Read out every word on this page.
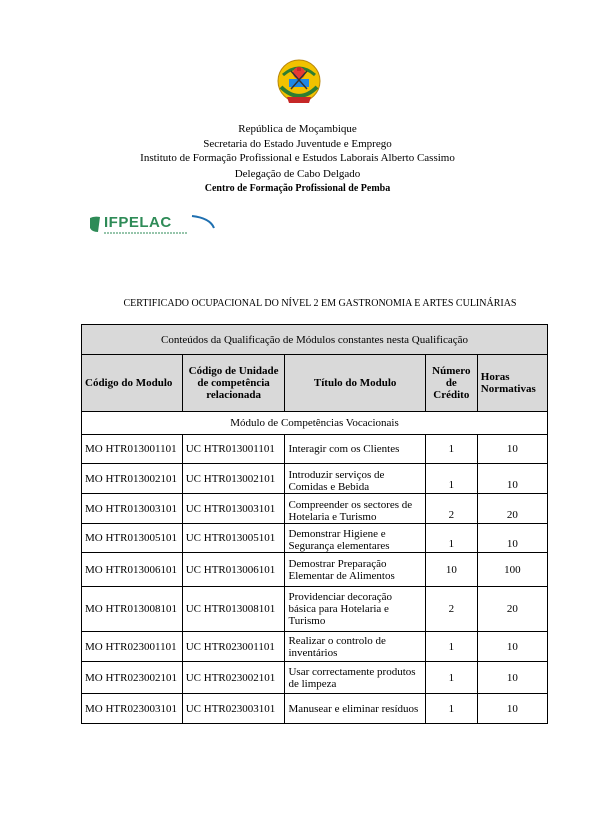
República de Moçambique
Secretaria do Estado Juventude e Emprego
Instituto de Formação Profissional e Estudos Laborais Alberto Cassimo
Delegação de Cabo Delgado
Centro de Formação Profissional de Pemba
IFPELAC
CERTIFICADO OCUPACIONAL DO NÍVEL 2 EM GASTRONOMIA E ARTES CULINÁRIAS
Conteúdos da Qualificação de Módulos constantes nesta Qualificação				
Código do Modulo	Código de Unidade de competência relacionada	Título do Modulo	Número de Crédito	Horas Normativas
Módulo de Competências Vocacionais				
MO HTR013001101	UC HTR013001101	Interagir com os Clientes	1	10
MO HTR013002101	UC HTR013002101	Introduzir serviços de Comidas e Bebida	1	10
MO HTR013003101	UC HTR013003101	Compreender os sectores de Hotelaria e Turismo	2	20
MO HTR013005101	UC HTR013005101	Demonstrar Higiene e Segurança elementares	1	10
MO HTR013006101	UC HTR013006101	Demostrar Preparação Elementar de Alimentos	10	100
MO HTR013008101	UC HTR013008101	Providenciar decoração básica para Hotelaria e Turismo	2	20
MO HTR023001101	UC HTR023001101	Realizar o controlo de inventários	1	10
MO HTR023002101	UC HTR023002101	Usar correctamente produtos de limpeza	1	10
MO HTR023003101	UC HTR023003101	Manusear e eliminar resíduos	1	10
